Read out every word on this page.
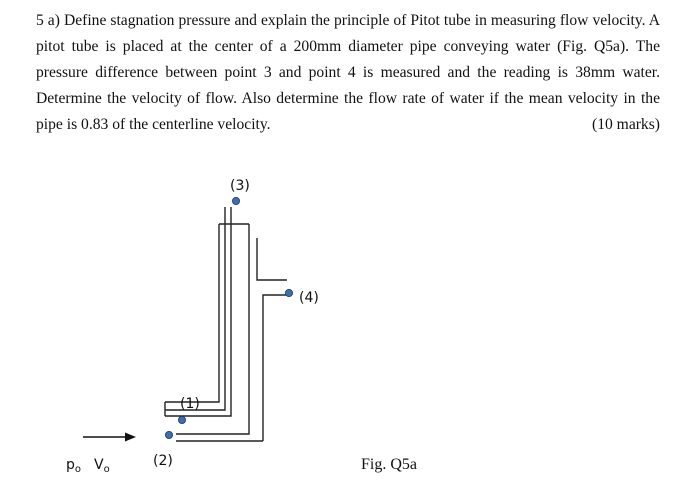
5 a) Define stagnation pressure and explain the principle of Pitot tube in measuring flow velocity. A pitot tube is placed at the center of a 200mm diameter pipe conveying water (Fig. Q5a). The pressure difference between point 3 and point 4 is measured and the reading is 38mm water. Determine the velocity of flow. Also determine the flow rate of water if the mean velocity in the pipe is 0.83 of the centerline velocity.	(10 marks)

(3)
(4)
(1)
(2)
$p_o$ $V_o$	Fig. Q5a
